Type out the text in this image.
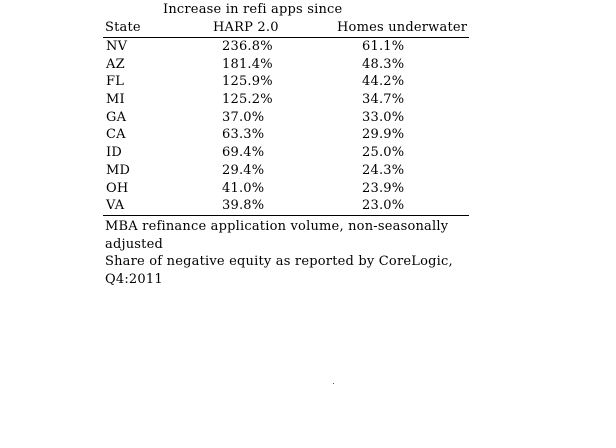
Increase in refi apps since
State	HARP 2.0	Homes underwater
NV	236.8%	61.1%
AZ	181.4%	48.3%
FL	125.9%	44.2%
MI	125.2%	34.7%
GA	37.0%	33.0%
CA	63.3%	29.9%
ID	69.4%	25.0%
MD	29.4%	24.3%
OH	41.0%	23.9%
VA	39.8%	23.0%

MBA refinance application volume, non-seasonally adjusted

Share of negative equity as reported by CoreLogic, Q4:2011
